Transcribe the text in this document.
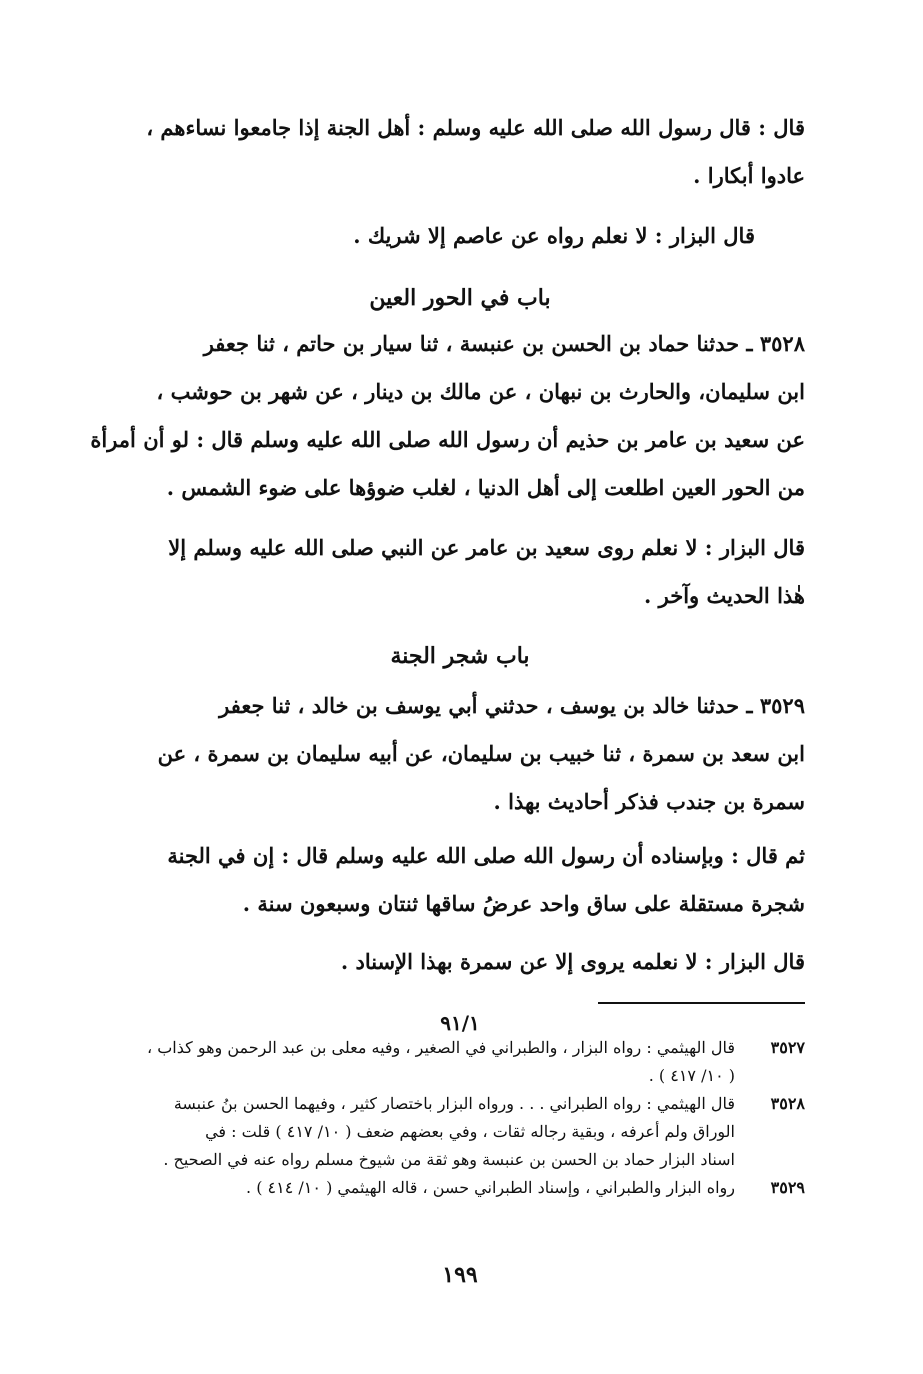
قال : قال رسول الله صلى الله عليه وسلم : أهل الجنة إذا جامعوا نساءهم ،
عادوا أبكارا .
قال البزار : لا نعلم رواه عن عاصم إلا شريك .
باب في الحور العين
٣٥٢٨ ـ حدثنا حماد بن الحسن بن عنبسة ، ثنا سيار بن حاتم ، ثنا جعفر
ابن سليمان، والحارث بن نبهان ، عن مالك بن دينار ، عن شهر بن حوشب ،
عن سعيد بن عامر بن حذيم أن رسول الله صلى الله عليه وسلم قال : لو أن أمرأة
من الحور العين اطلعت إلى أهل الدنيا ، لغلب ضوؤها على ضوء الشمس .
قال البزار : لا نعلم روى سعيد بن عامر عن النبي صلى الله عليه وسلم إلا
هٰذا الحديث وآخر .
باب شجر الجنة
٣٥٢٩ ـ حدثنا خالد بن يوسف ، حدثني أبي يوسف بن خالد ، ثنا جعفر
ابن سعد بن سمرة ، ثنا خبيب بن سليمان، عن أبيه سليمان بن سمرة ، عن
سمرة بن جندب فذكر أحاديث بهذا .
ثم قال : وبإسناده أن رسول الله صلى الله عليه وسلم قال : إن في الجنة
شجرة مستقلة على ساق واحد عرضُ ساقها ثنتان وسبعون سنة .
قال البزار : لا نعلمه يروى إلا عن سمرة بهذا الإسناد .
٩١/١
٣٥٢٧
قال الهيثمي : رواه البزار ، والطبراني في الصغير ، وفيه معلى بن عبد الرحمن وهو كذاب ،
( ١٠/ ٤١٧ ) .
٣٥٢٨
قال الهيثمي : رواه الطبراني . . . ورواه البزار باختصار كثير ، وفيهما الحسن بنُ عنبسة
الوراق ولم أعرفه ، وبقية رجاله ثقات ، وفي بعضهم ضعف ( ١٠/ ٤١٧ ) قلت : في
اسناد البزار حماد بن الحسن بن عنبسة وهو ثقة من شيوخ مسلم رواه عنه في الصحيح .
٣٥٢٩
رواه البزار والطبراني ، وإسناد الطبراني حسن ، قاله الهيثمي ( ١٠/ ٤١٤ ) .
١٩٩
